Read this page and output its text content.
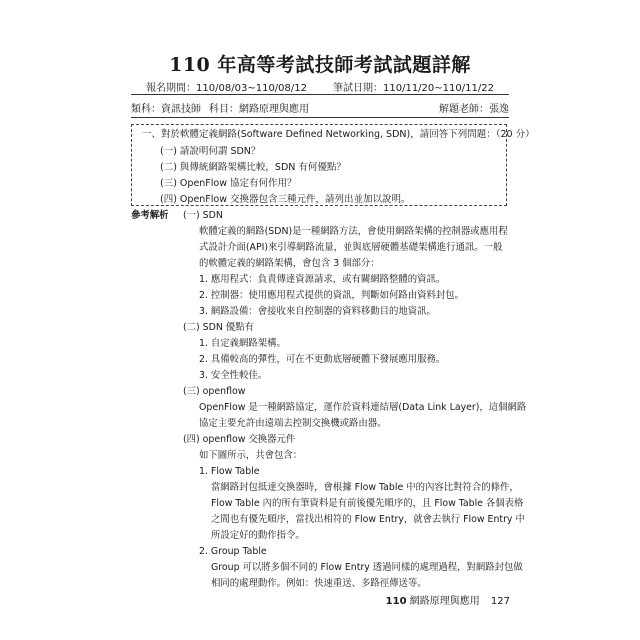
110 年高等考試技師考試試題詳解
報名期間：110/08/03~110/08/12	筆試日期：110/11/20~110/11/22
類科：資訊技師 科目：網路原理與應用	解題老師：張逸
一、對於軟體定義網路(Software Defined Networking, SDN)，請回答下列問題：（20 分）
(一) 請說明何謂 SDN？
(二) 與傳統網路架構比較，SDN 有何優點？
(三) OpenFlow 協定有何作用？
(四) OpenFlow 交換器包含三種元件，請列出並加以說明。
參考解析 (一) SDN
軟體定義的網路(SDN)是一種網路方法，會使用網路架構的控制器或應用程
式設計介面(API)來引導網路流量，並與底層硬體基礎架構進行通訊。一般
的軟體定義的網路架構，會包含 3 個部分：
1. 應用程式：負責傳達資源請求，或有關網路整體的資訊。
2. 控制器：使用應用程式提供的資訊，判斷如何路由資料封包。
3. 網路設備：會接收來自控制器的資料移動目的地資訊。
(二) SDN 優點有
1. 自定義網路架構。
2. 具備較高的彈性，可在不更動底層硬體下發展應用服務。
3. 安全性較佳。
(三) openflow
OpenFlow 是一種網路協定，運作於資料連結層(Data Link Layer)，這個網路
協定主要允許由遠端去控制交換機或路由器。
(四) openflow 交換器元件
如下圖所示，共會包含：
1. Flow Table
當網路封包抵達交換器時，會根據 Flow Table 中的內容比對符合的條件，
Flow Table 內的所有筆資料是有前後優先順序的，且 Flow Table 各個表格
之間也有優先順序，當找出相符的 Flow Entry，就會去執行 Flow Entry 中
所設定好的動作指令。
2. Group Table
Group 可以將多個不同的 Flow Entry 透過同樣的處理過程，對網路封包做
相同的處理動作。例如：快速重送、多路徑傳送等。
110 網路原理與應用 127
